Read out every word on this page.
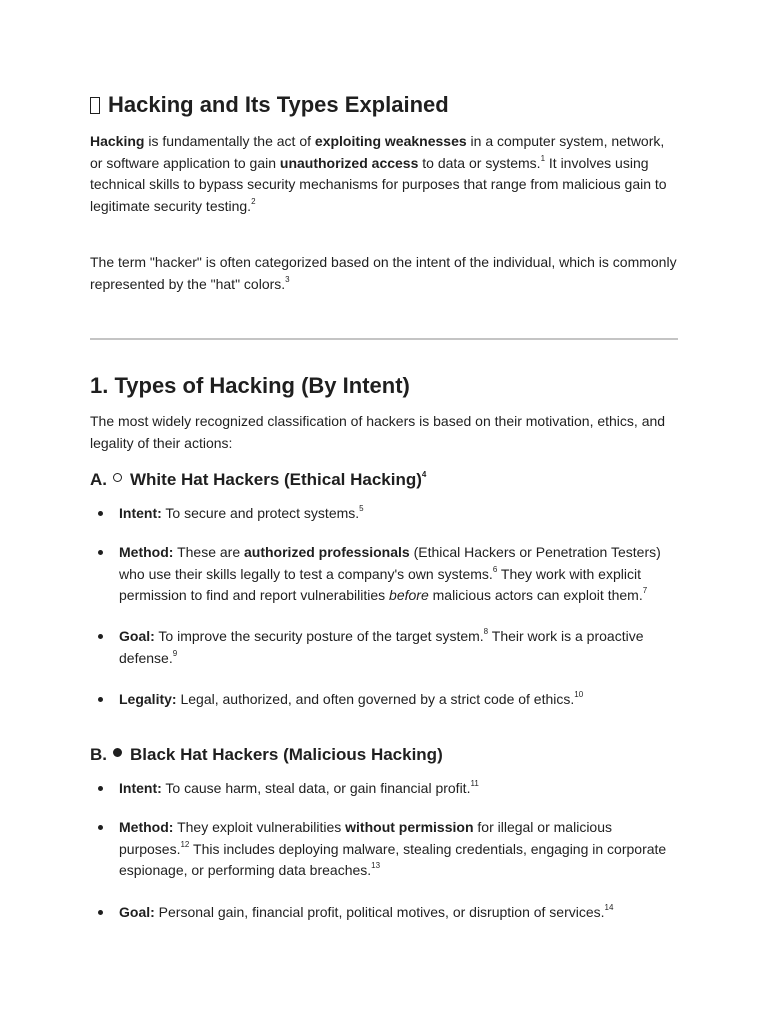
Hacking and Its Types Explained

Hacking is fundamentally the act of exploiting weaknesses in a computer system, network, or software application to gain unauthorized access to data or systems.$^1$ It involves using technical skills to bypass security mechanisms for purposes that range from malicious gain to legitimate security testing.$^2$

The term "hacker" is often categorized based on the intent of the individual, which is commonly represented by the "hat" colors.$^3$

1. Types of Hacking (By Intent)

The most widely recognized classification of hackers is based on their motivation, ethics, and legality of their actions:

A. White Hat Hackers (Ethical Hacking)$^4$
Intent: To secure and protect systems.$^5$
Method: These are authorized professionals (Ethical Hackers or Penetration Testers) who use their skills legally to test a company's own systems.$^6$ They work with explicit permission to find and report vulnerabilities before malicious actors can exploit them.$^7$
Goal: To improve the security posture of the target system.$^8$ Their work is a proactive defense.$^9$
Legality: Legal, authorized, and often governed by a strict code of ethics.$^{10}$
B. Black Hat Hackers (Malicious Hacking)
Intent: To cause harm, steal data, or gain financial profit.$^{11}$
Method: They exploit vulnerabilities without permission for illegal or malicious purposes.$^{12}$ This includes deploying malware, stealing credentials, engaging in corporate espionage, or performing data breaches.$^{13}$
Goal: Personal gain, financial profit, political motives, or disruption of services.$^{14}$
